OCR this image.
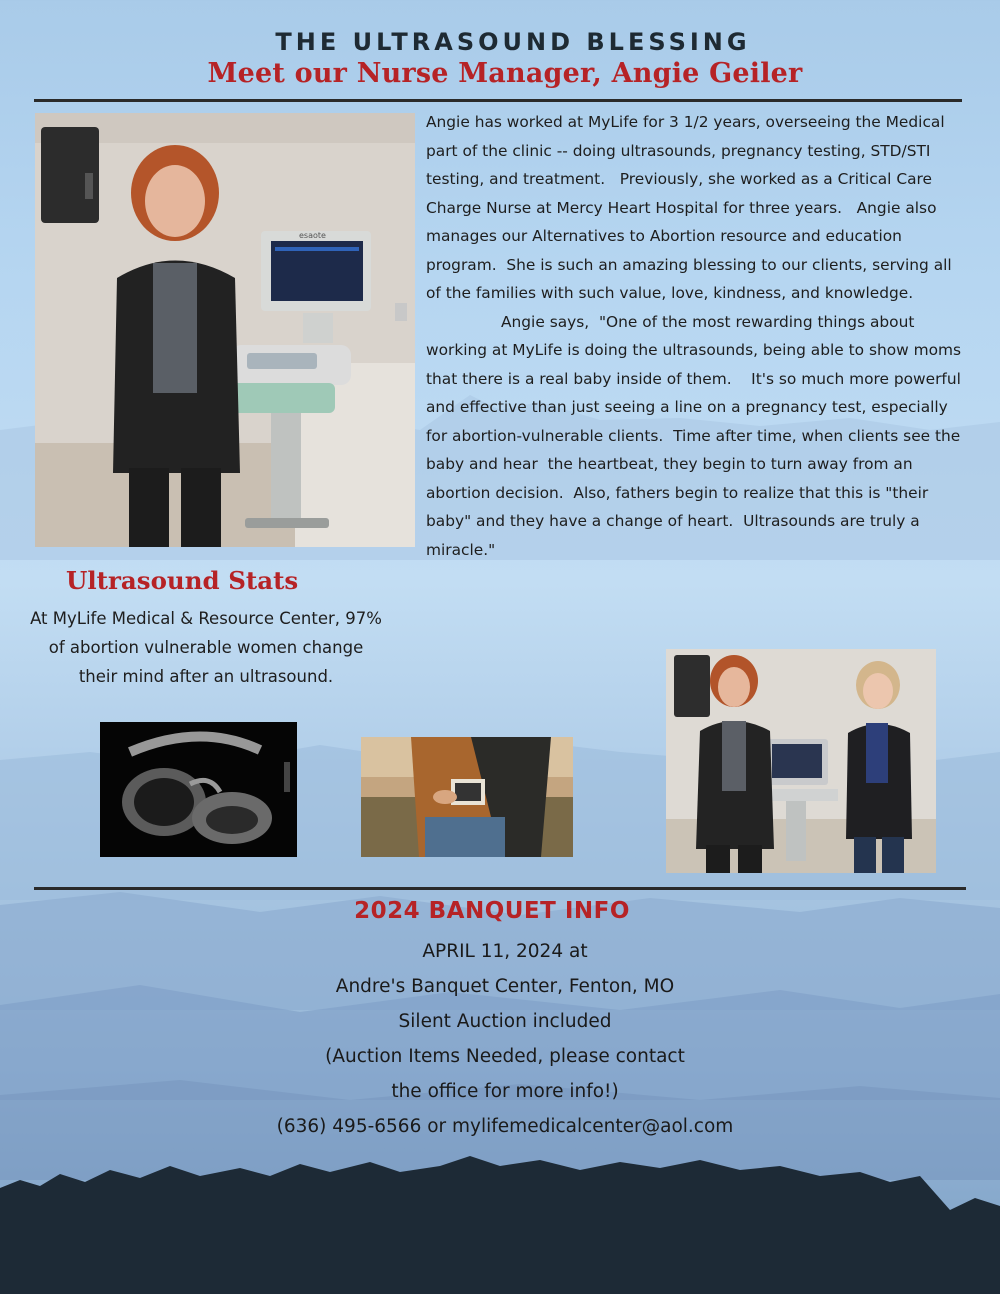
THE ULTRASOUND BLESSING
Meet our Nurse Manager, Angie Geiler
esaote
Angie has worked at MyLife for 3 1/2 years, overseeing the Medical part of the clinic -- doing ultrasounds, pregnancy testing, STD/STI testing, and treatment.   Previously, she worked as a Critical Care Charge Nurse at Mercy Heart Hospital for three years.   Angie also manages our Alternatives to Abortion resource and education program.  She is such an amazing blessing to our clients, serving all of the families with such value, love, kindness, and knowledge.
Angie says,  "One of the most rewarding things about working at MyLife is doing the ultrasounds, being able to show moms that there is a real baby inside of them.    It's so much more powerful and effective than just seeing a line on a pregnancy test, especially for abortion-vulnerable clients.  Time after time, when clients see the baby and hear  the heartbeat, they begin to turn away from an abortion decision.  Also, fathers begin to realize that this is "their baby" and they have a change of heart.  Ultrasounds are truly a miracle."
Ultrasound Stats
At MyLife Medical & Resource Center, 97% of abortion vulnerable women change their mind after an ultrasound.
2024 BANQUET INFO
APRIL 11, 2024 at
Andre's Banquet Center, Fenton, MO
Silent Auction included
(Auction Items Needed, please contact
the office for more info!)
(636) 495-6566 or mylifemedicalcenter@aol.com
